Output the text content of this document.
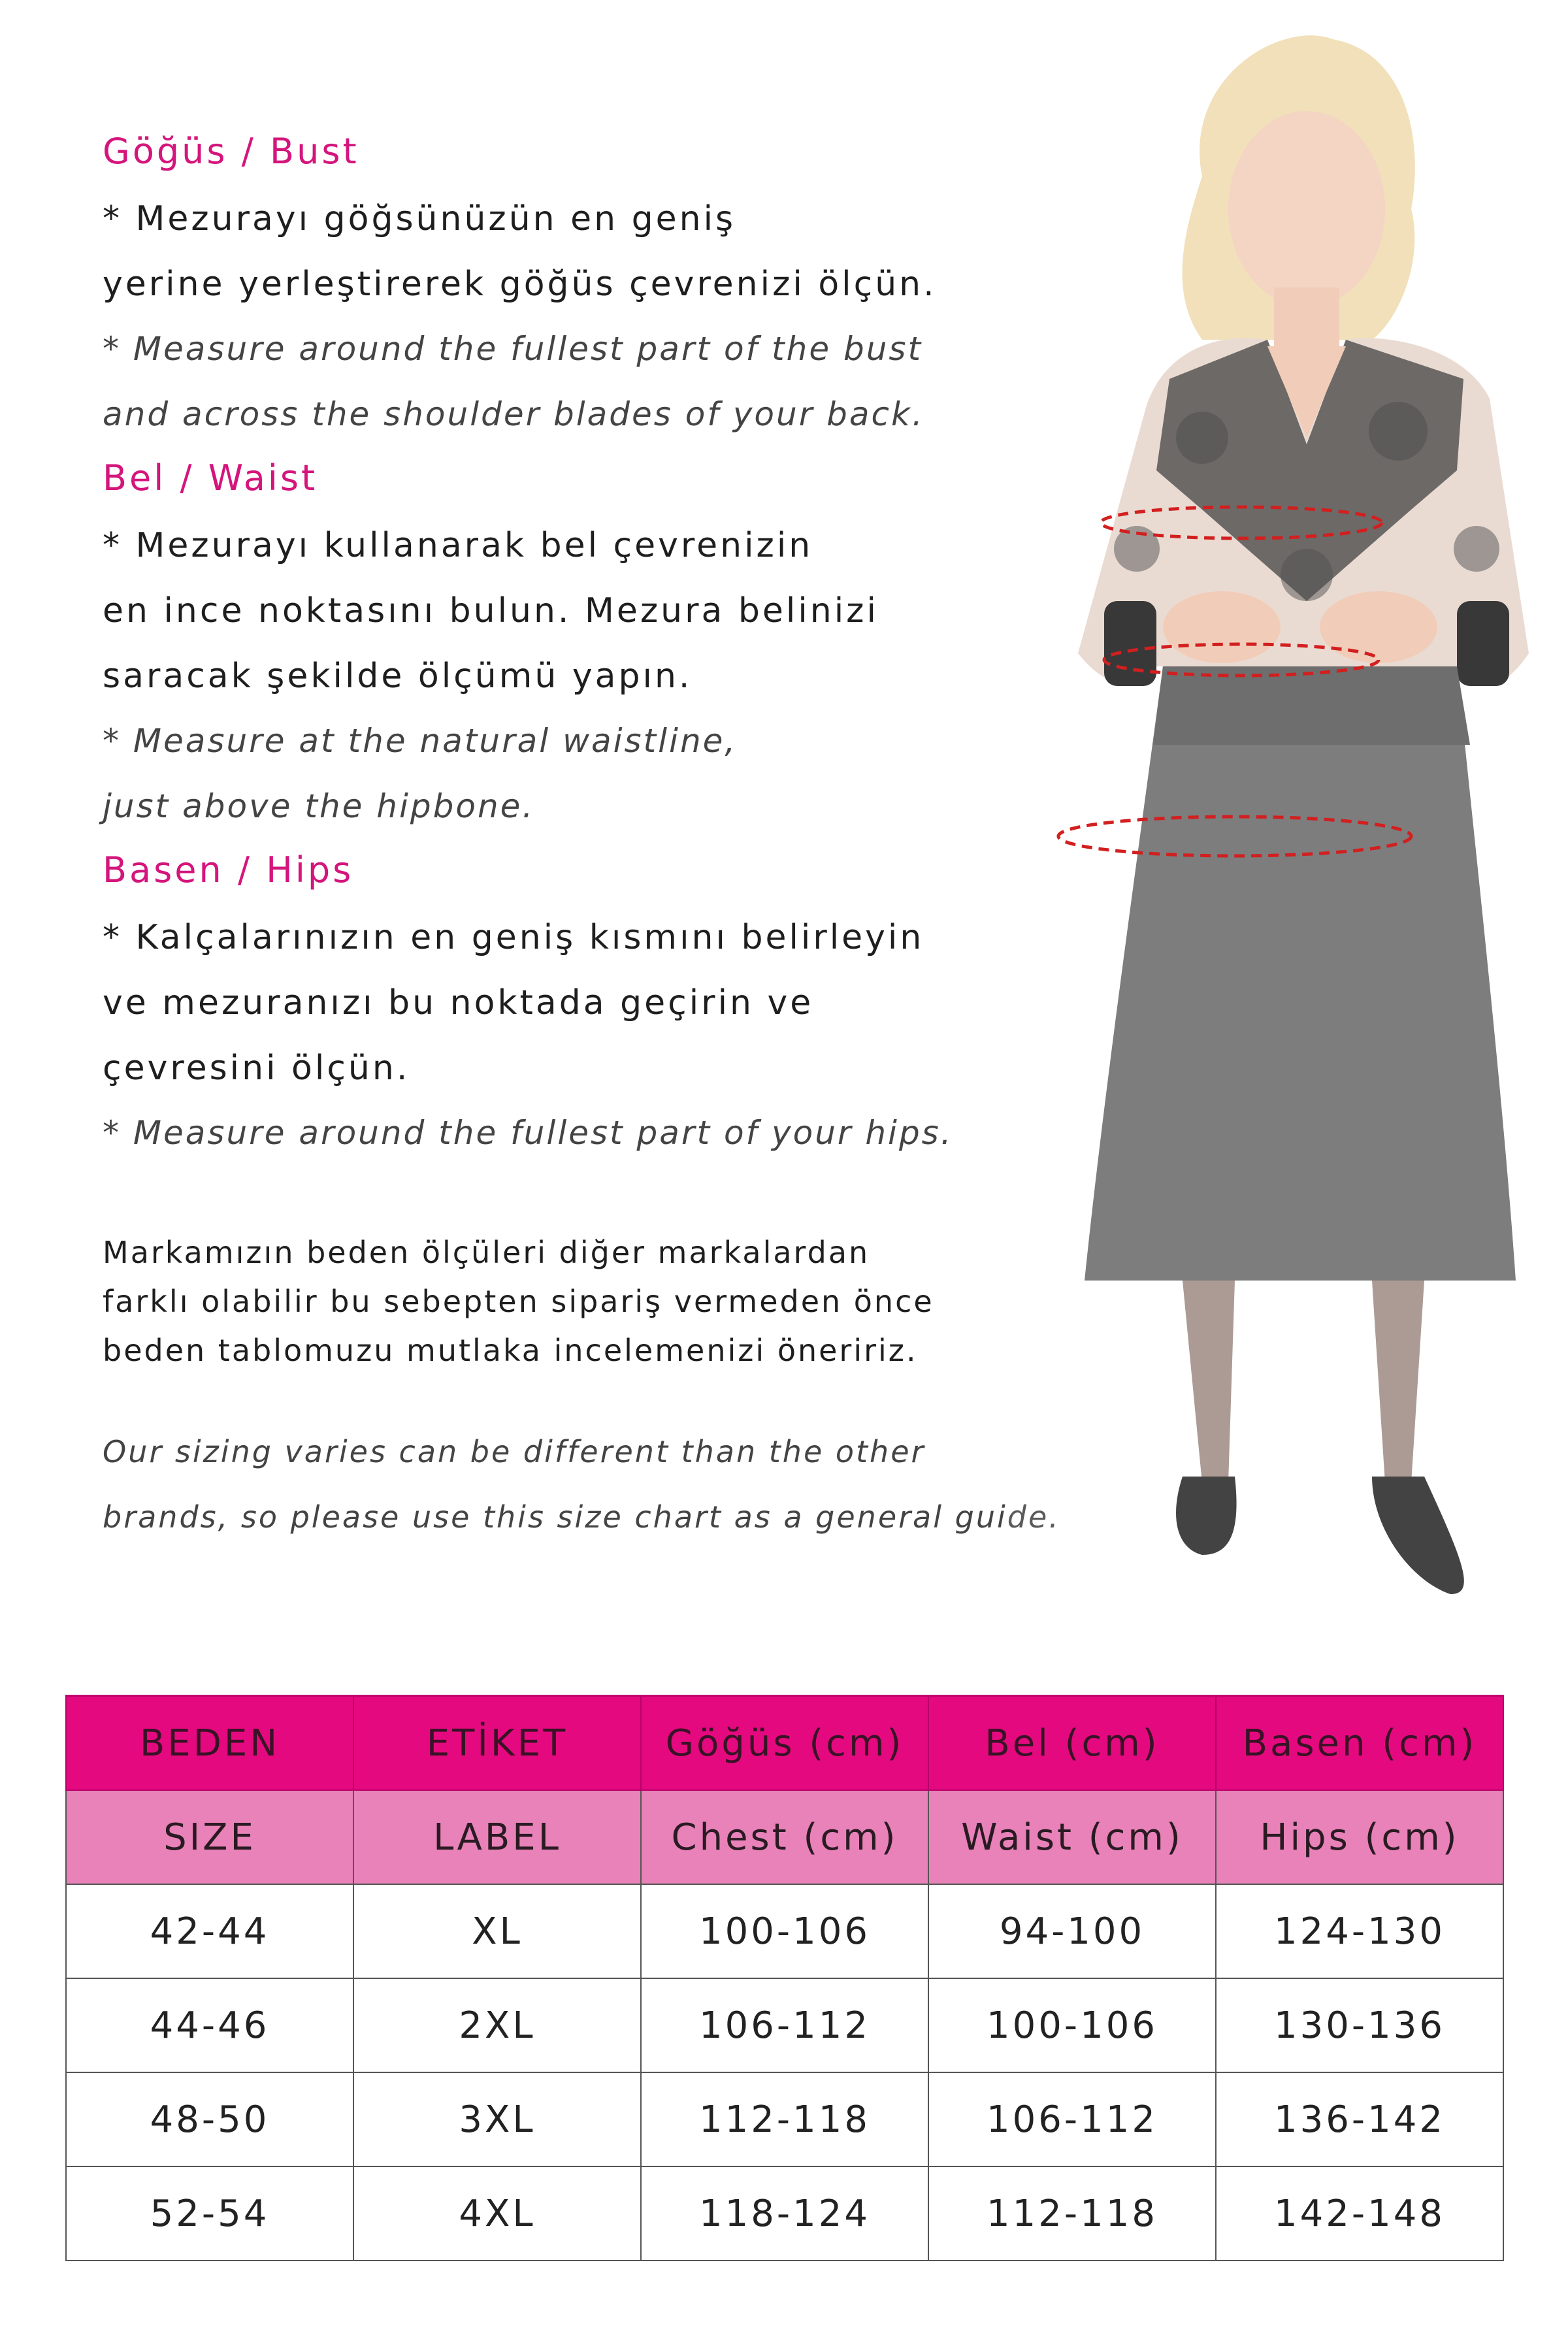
Göğüs / Bust
* Mezurayı göğsünüzün en geniş
yerine yerleştirerek göğüs çevrenizi ölçün.
* Measure around the fullest part of the bust
and across the shoulder blades of your back.
Bel / Waist
* Mezurayı kullanarak bel çevrenizin
en ince noktasını bulun. Mezura belinizi
saracak şekilde ölçümü yapın.
* Measure at the natural waistline,
just above the hipbone.
Basen / Hips
* Kalçalarınızın en geniş kısmını belirleyin
ve mezuranızı bu noktada geçirin ve
çevresini ölçün.
* Measure around the fullest part of your hips.
Markamızın beden ölçüleri diğer markalardan
farklı olabilir bu sebepten sipariş vermeden önce
beden tablomuzu mutlaka incelemenizi öneririz.
Our sizing varies can be different than the other
brands, so please use this size chart as a general guide.
BEDEN	ETİKET	Göğüs (cm)	Bel (cm)	Basen (cm)
SIZE	LABEL	Chest (cm)	Waist (cm)	Hips (cm)
42-44	XL	100-106	94-100	124-130
44-46	2XL	106-112	100-106	130-136
48-50	3XL	112-118	106-112	136-142
52-54	4XL	118-124	112-118	142-148
